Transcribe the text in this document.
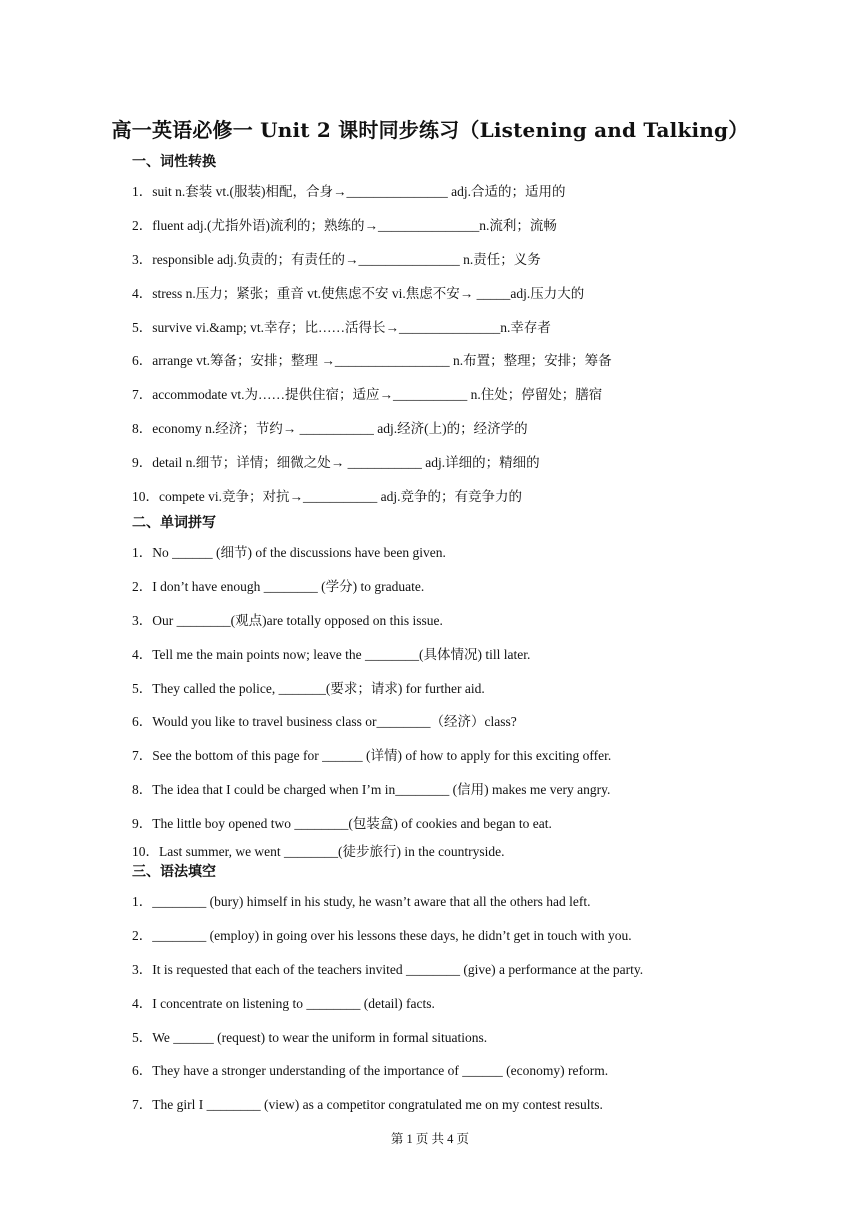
高一英语必修一 Unit 2 课时同步练习（Listening and Talking）
一、词性转换
1．suit n.套装 vt.(服装)相配，合身→_______________ adj.合适的；适用的
2．fluent adj.(尤指外语)流利的；熟练的→_______________n.流利；流畅
3．responsible adj.负责的；有责任的→_______________ n.责任；义务
4．stress n.压力；紧张；重音 vt.使焦虑不安 vi.焦虑不安→ _____adj.压力大的
5．survive vi.&amp; vt.幸存；比……活得长→_______________n.幸存者
6．arrange vt.筹备；安排；整理 →_________________ n.布置；整理；安排；筹备
7．accommodate vt.为……提供住宿；适应→___________ n.住处；停留处；膳宿
8．economy n.经济；节约→ ___________ adj.经济(上)的；经济学的
9．detail n.细节；详情；细微之处→ ___________ adj.详细的；精细的
10．compete vi.竞争；对抗→___________ adj.竞争的；有竞争力的
二、单词拼写
1．No ______ (细节) of the discussions have been given.
2．I don’t have enough ________ (学分) to graduate.
3．Our ________(观点)are totally opposed on this issue.
4．Tell me the main points now; leave the ________(具体情况) till later.
5．They called the police, _______(要求；请求) for further aid.
6．Would you like to travel business class or________（经济）class?
7．See the bottom of this page for ______ (详情) of how to apply for this exciting offer.
8．The idea that I could be charged when I’m in________ (信用) makes me very angry.
9．The little boy opened two ________(包装盒) of cookies and began to eat.
10．Last summer, we went ________(徒步旅行) in the countryside.
三、语法填空
1．________ (bury) himself in his study, he wasn’t aware that all the others had left.
2．________ (employ) in going over his lessons these days, he didn’t get in touch with you.
3．It is requested that each of the teachers invited ________ (give) a performance at the party.
4．I concentrate on listening to ________ (detail) facts.
5．We ______ (request) to wear the uniform in formal situations.
6．They have a stronger understanding of the importance of ______ (economy) reform.
7．The girl I ________ (view) as a competitor congratulated me on my contest results.
第 1 页 共 4 页
